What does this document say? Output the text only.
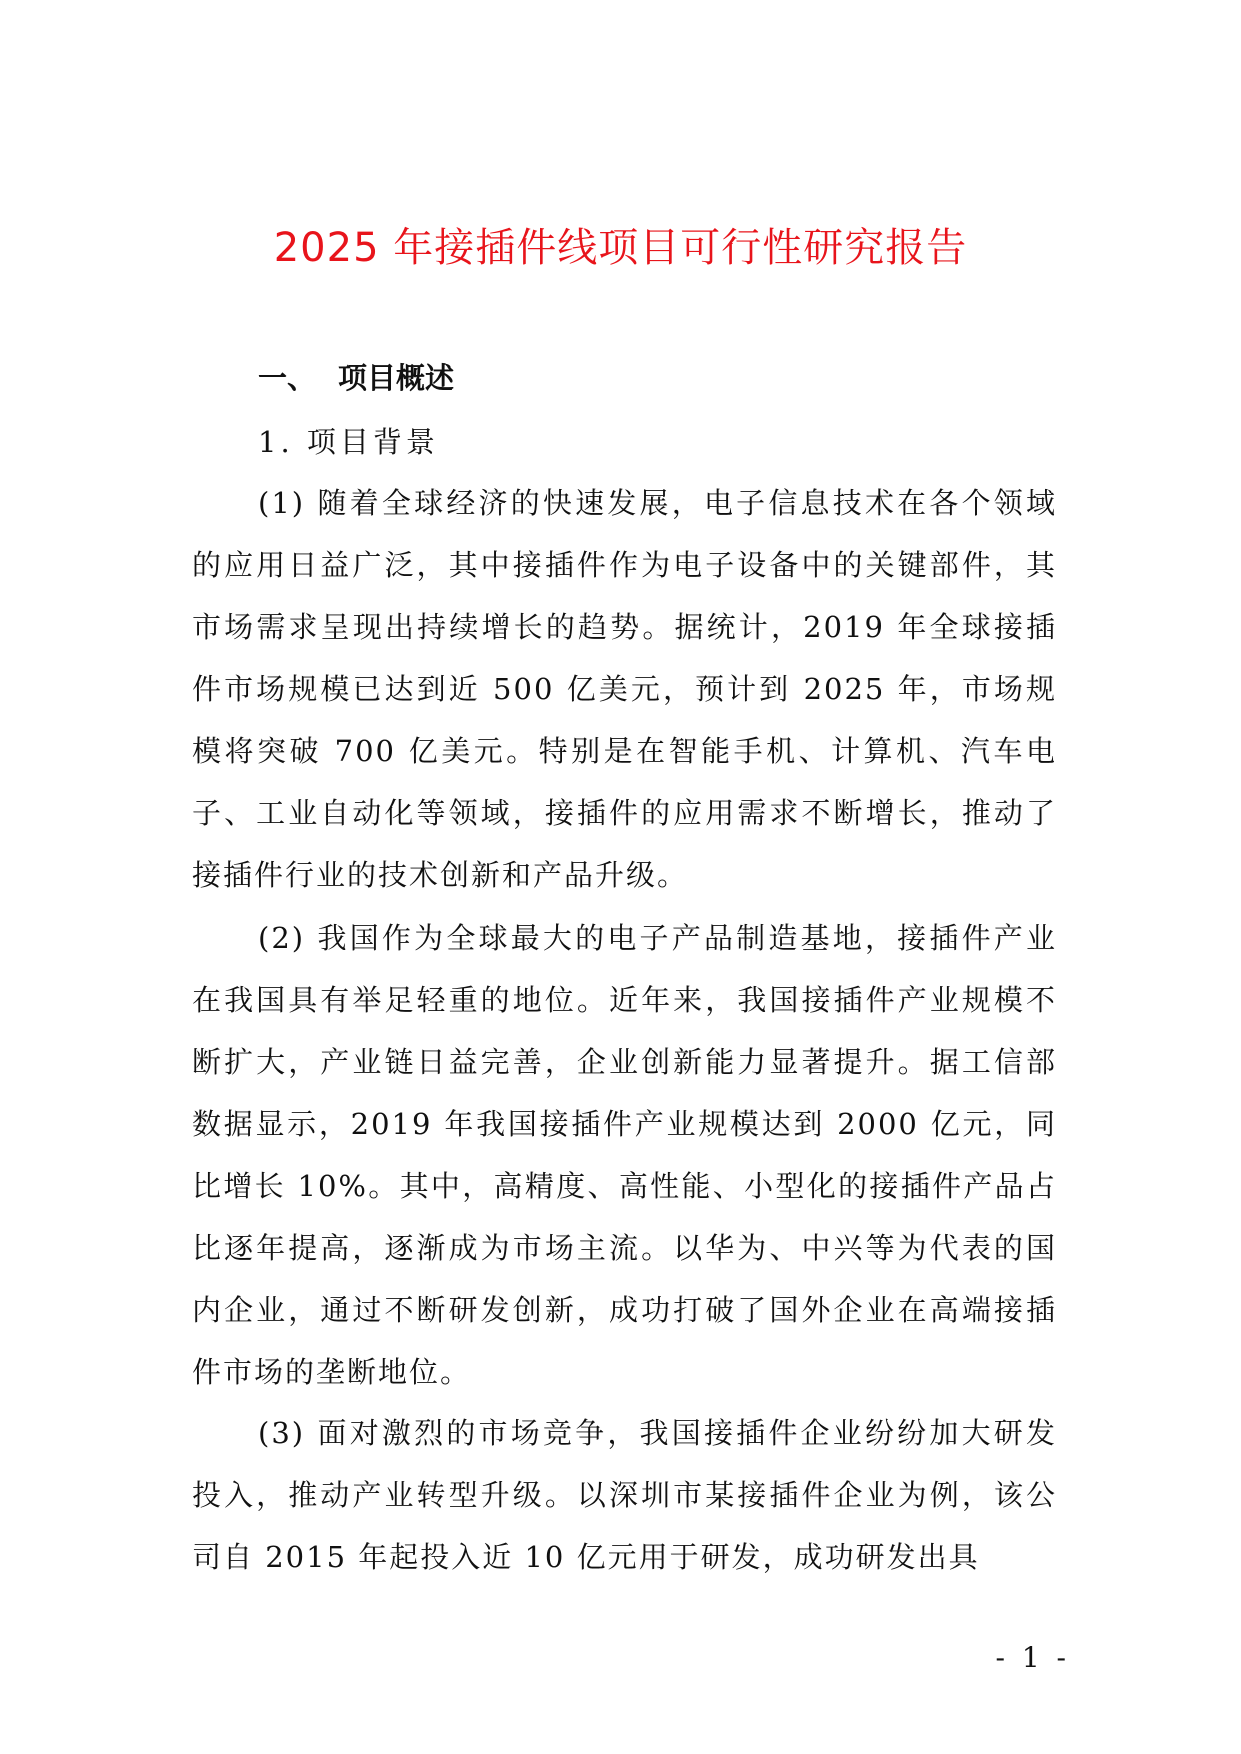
2025 年接插件线项目可行性研究报告
一、 项目概述
1. 项目背景

(1) 随着全球经济的快速发展，电子信息技术在各个领域的应用日益广泛，其中接插件作为电子设备中的关键部件，其市场需求呈现出持续增长的趋势。据统计，2019 年全球接插件市场规模已达到近 500 亿美元，预计到 2025 年，市场规模将突破 700 亿美元。特别是在智能手机、计算机、汽车电子、工业自动化等领域，接插件的应用需求不断增长，推动了接插件行业的技术创新和产品升级。

(2) 我国作为全球最大的电子产品制造基地，接插件产业在我国具有举足轻重的地位。近年来，我国接插件产业规模不断扩大，产业链日益完善，企业创新能力显著提升。据工信部数据显示，2019 年我国接插件产业规模达到 2000 亿元，同比增长 10%。其中，高精度、高性能、小型化的接插件产品占比逐年提高，逐渐成为市场主流。以华为、中兴等为代表的国内企业，通过不断研发创新，成功打破了国外企业在高端接插件市场的垄断地位。

(3) 面对激烈的市场竞争，我国接插件企业纷纷加大研发投入，推动产业转型升级。以深圳市某接插件企业为例，该公司自 2015 年起投入近 10 亿元用于研发，成功研发出具

- 1 -
